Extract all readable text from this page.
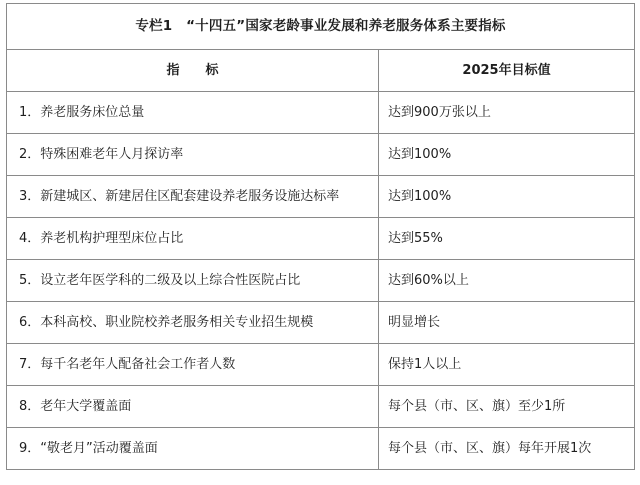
专栏1　“十四五”国家老龄事业发展和养老服务体系主要指标	
指标	2025年目标值
1．养老服务床位总量	达到900万张以上
2．特殊困难老年人月探访率	达到100%
3．新建城区、新建居住区配套建设养老服务设施达标率	达到100%
4．养老机构护理型床位占比	达到55%
5．设立老年医学科的二级及以上综合性医院占比	达到60%以上
6．本科高校、职业院校养老服务相关专业招生规模	明显增长
7．每千名老年人配备社会工作者人数	保持1人以上
8．老年大学覆盖面	每个县（市、区、旗）至少1所
9．“敬老月”活动覆盖面	每个县（市、区、旗）每年开展1次
